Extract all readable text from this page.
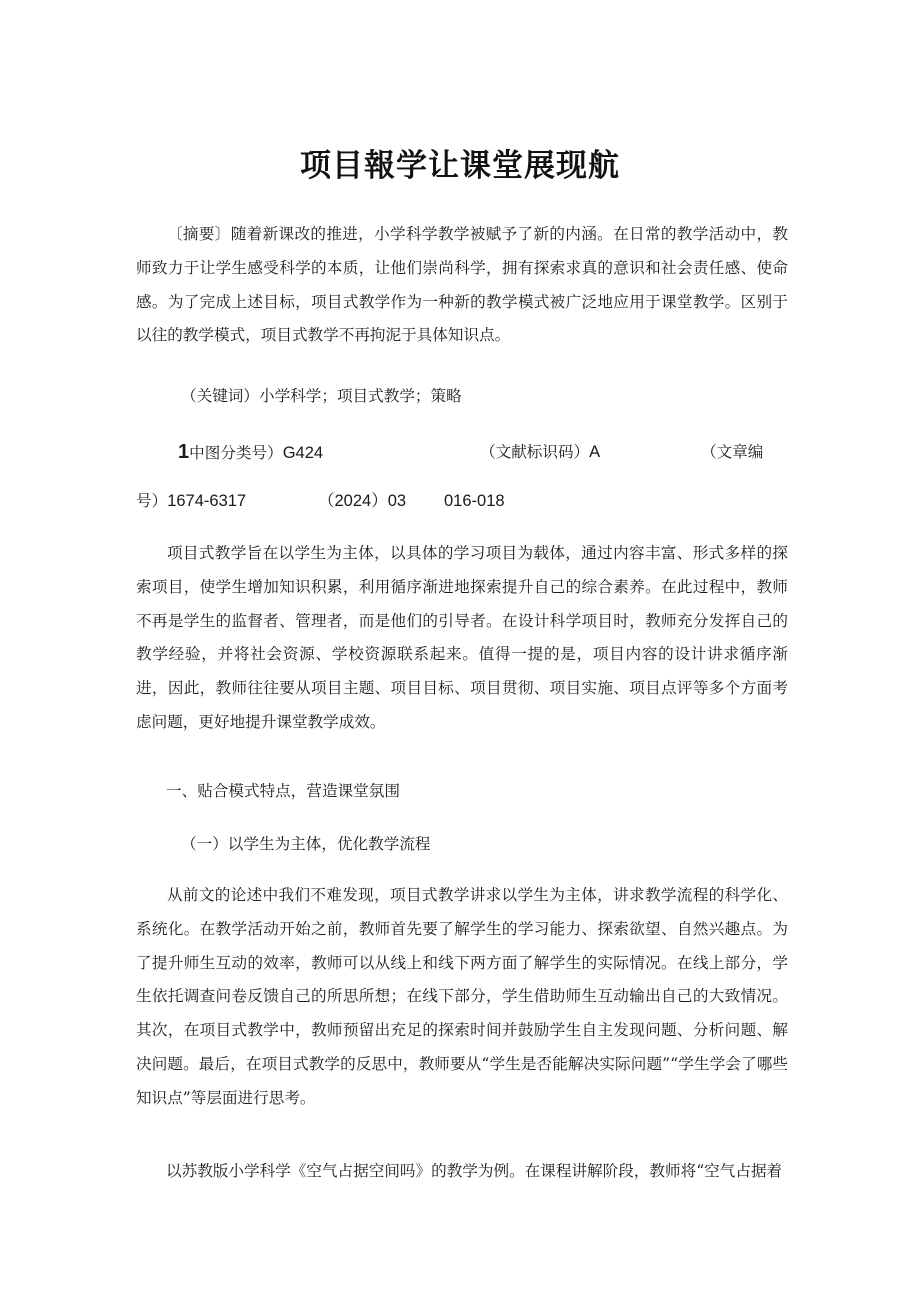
项目報学让课堂展现航

〔摘要〕随着新课改的推进，小学科学教学被赋予了新的内涵。在日常的教学活动中，教师致力于让学生感受科学的本质，让他们崇尚科学，拥有探索求真的意识和社会责任感、使命感。为了完成上述目标，项目式教学作为一种新的教学模式被广泛地应用于课堂教学。区别于以往的教学模式，项目式教学不再拘泥于具体知识点。

（关键词）小学科学；项目式教学；策略

1中图分类号）G424	（文献标识码）A	（文章编
号）1674-6317	（2024）03 016-018

项目式教学旨在以学生为主体，以具体的学习项目为载体，通过内容丰富、形式多样的探索项目，使学生增加知识积累，利用循序渐进地探索提升自己的综合素养。在此过程中，教师不再是学生的监督者、管理者，而是他们的引导者。在设计科学项目时，教师充分发挥自己的教学经验，并将社会资源、学校资源联系起来。值得一提的是，项目内容的设计讲求循序渐进，因此，教师往往要从项目主题、项目目标、项目贯彻、项目实施、项目点评等多个方面考虑问题，更好地提升课堂教学成效。

一、贴合模式特点，营造课堂氛围

（一）以学生为主体，优化教学流程

从前文的论述中我们不难发现，项目式教学讲求以学生为主体，讲求教学流程的科学化、系统化。在教学活动开始之前，教师首先要了解学生的学习能力、探索欲望、自然兴趣点。为了提升师生互动的效率，教师可以从线上和线下两方面了解学生的实际情况。在线上部分，学生依托调查问卷反馈自己的所思所想；在线下部分，学生借助师生互动输出自己的大致情况。其次，在项目式教学中，教师预留出充足的探索时间并鼓励学生自主发现问题、分析问题、解决问题。最后，在项目式教学的反思中，教师要从“学生是否能解决实际问题”“学生学会了哪些知识点”等层面进行思考。

以苏教版小学科学《空气占据空间吗》的教学为例。在课程讲解阶段，教师将“空气占据着
